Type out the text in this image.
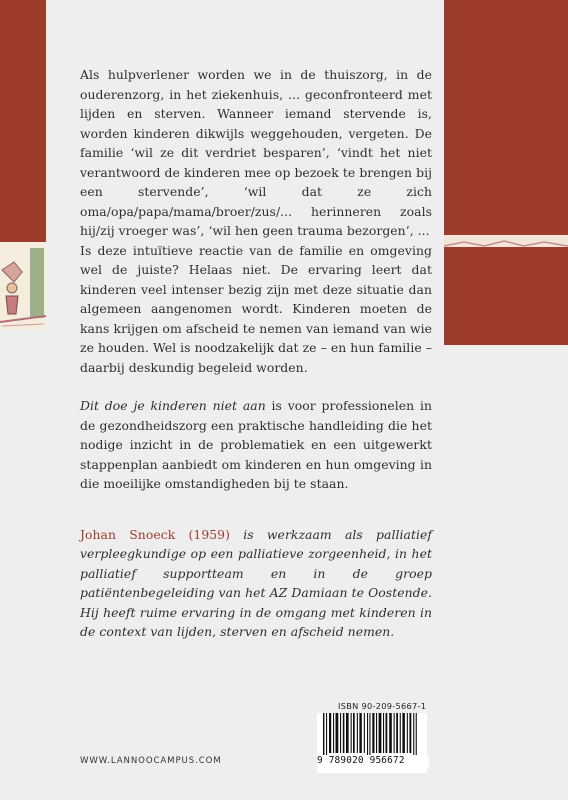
Als hulpverlener worden we in de thuiszorg, in de ouderenzorg, in het ziekenhuis, ... geconfronteerd met lijden en sterven. Wanneer iemand stervende is, worden kinderen dikwijls weggehouden, vergeten. De familie ‘wil ze dit verdriet besparen’, ‘vindt het niet verantwoord de kinderen mee op bezoek te brengen bij een stervende’, ‘wil dat ze zich oma/opa/papa/mama/broer/zus/... herinneren zoals hij/zij vroeger was’, ‘wil hen geen trauma bezorgen’, ...

Is deze intuïtieve reactie van de familie en omgeving wel de juiste? Helaas niet. De ervaring leert dat kinderen veel intenser bezig zijn met deze situatie dan algemeen aangenomen wordt. Kinderen moeten de kans krijgen om afscheid te nemen van iemand van wie ze houden. Wel is noodzakelijk dat ze – en hun familie – daarbij deskundig begeleid worden.

Dit doe je kinderen niet aan is voor professionelen in de gezondheidszorg een praktische handleiding die het nodige inzicht in de problematiek en een uitgewerkt stappenplan aanbiedt om kinderen en hun omgeving in die moeilijke omstandigheden bij te staan.

Johan Snoeck (1959) is werkzaam als palliatief verpleegkundige op een palliatieve zorgeenheid, in het palliatief supportteam en in de groep patiëntenbegeleiding van het AZ Damiaan te Oostende. Hij heeft ruime ervaring in de omgang met kinderen in de context van lijden, sterven en afscheid nemen.

ISBN 90-209-5667-1
9 789020 956672
WWW.LANNOOCAMPUS.COM
